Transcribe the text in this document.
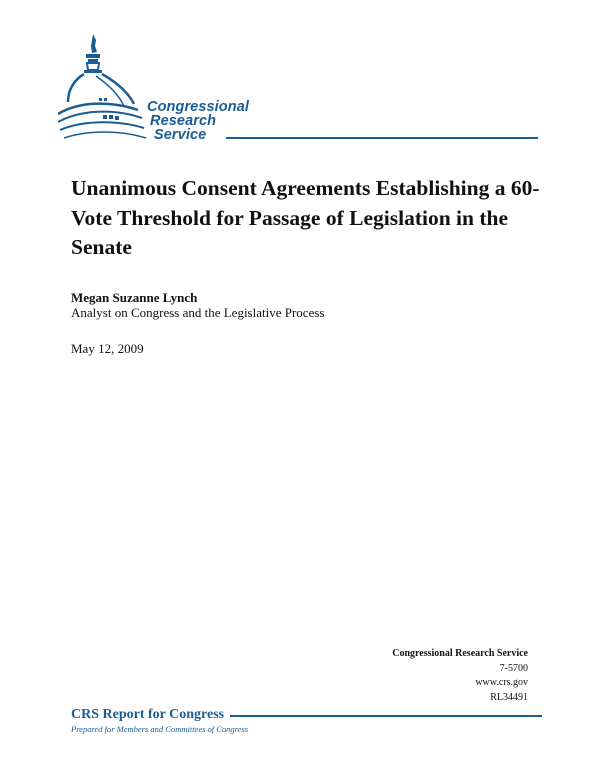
Congressional
Research
Service
Unanimous Consent Agreements Establishing a 60-Vote Threshold for Passage of Legislation in the Senate
Megan Suzanne Lynch
Analyst on Congress and the Legislative Process
May 12, 2009
Congressional Research Service
7-5700
www.crs.gov
RL34491
CRS Report for Congress
Prepared for Members and Committees of Congress
